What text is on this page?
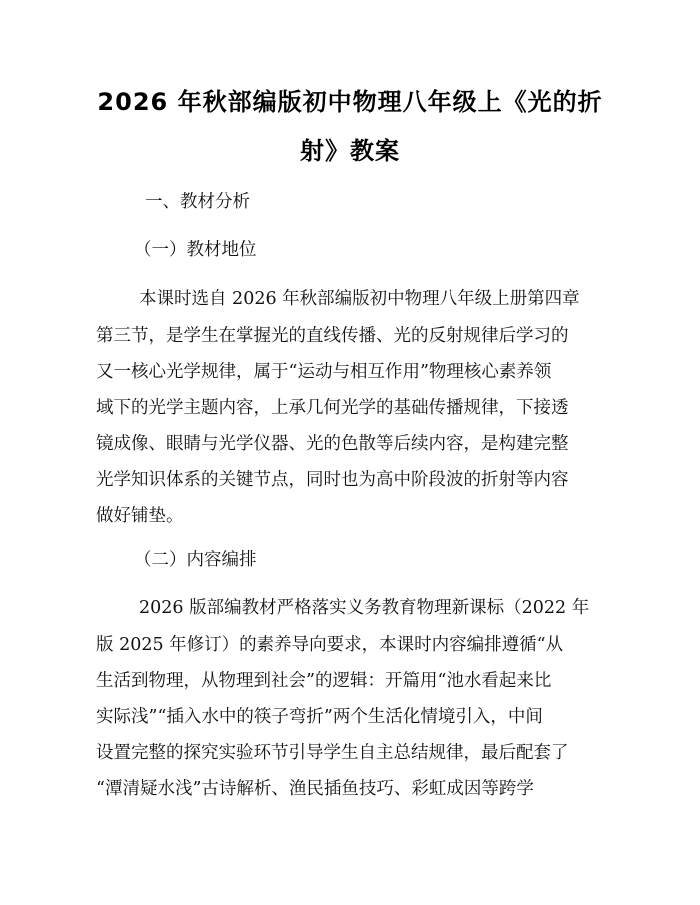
2026 年秋部编版初中物理八年级上《光的折
射》教案
一、教材分析
（一）教材地位
本课时选自 2026 年秋部编版初中物理八年级上册第四章
第三节，是学生在掌握光的直线传播、光的反射规律后学习的
又一核心光学规律，属于“运动与相互作用”物理核心素养领
域下的光学主题内容，上承几何光学的基础传播规律，下接透
镜成像、眼睛与光学仪器、光的色散等后续内容，是构建完整
光学知识体系的关键节点，同时也为高中阶段波的折射等内容
做好铺垫。
（二）内容编排
2026 版部编教材严格落实义务教育物理新课标（2022 年
版 2025 年修订）的素养导向要求，本课时内容编排遵循“从
生活到物理，从物理到社会”的逻辑：开篇用“池水看起来比
实际浅”“插入水中的筷子弯折”两个生活化情境引入，中间
设置完整的探究实验环节引导学生自主总结规律，最后配套了
“潭清疑水浅”古诗解析、渔民插鱼技巧、彩虹成因等跨学
